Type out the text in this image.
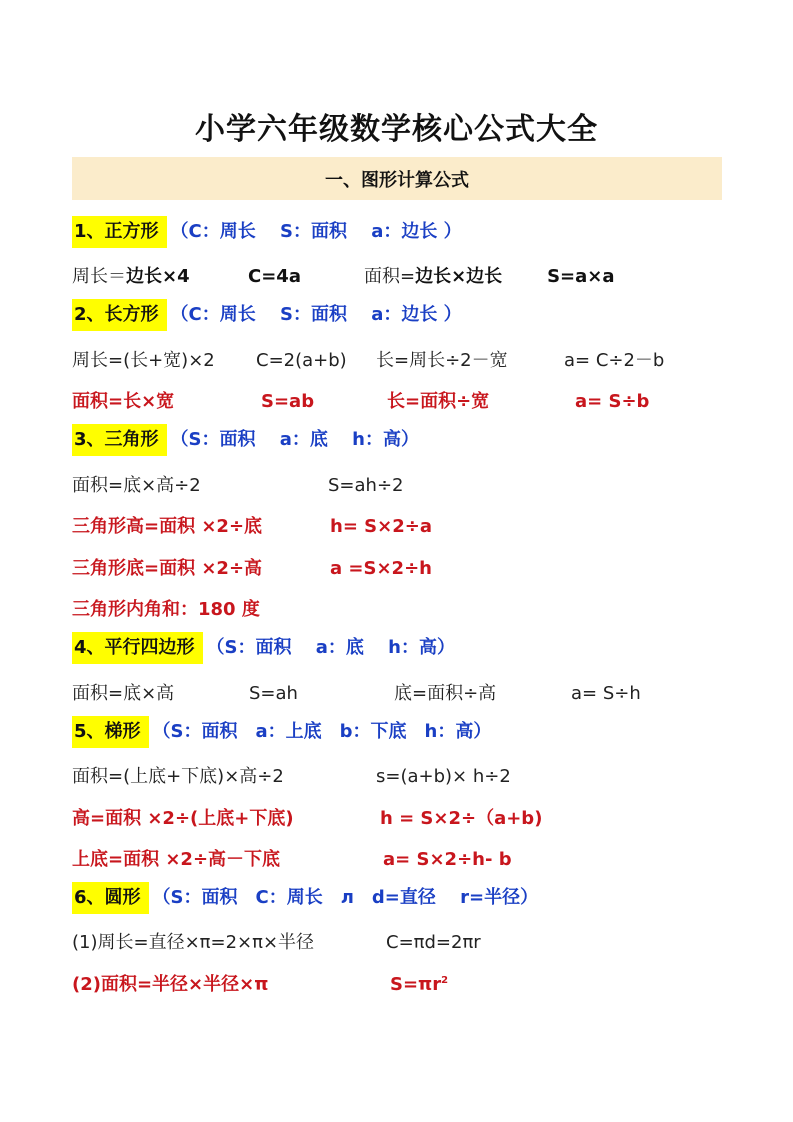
小学六年级数学核心公式大全
一、图形计算公式
1、正方形 （C：周长　 S：面积　 a：边长 ）
周长＝边长×4	C=4a	面积=边长×边长 S=a×a
2、长方形 （C：周长　 S：面积　 a：边长 ）
周长=(长+宽)×2 C=2(a+b) 长=周长÷2－宽	a= C÷2－b
面积=长×宽	S=ab	长=面积÷宽	a= S÷b
3、三角形 （S：面积　 a：底　 h：高）
面积=底×高÷2	S=ah÷2
三角形高=面积 ×2÷底	h= S×2÷a
三角形底=面积 ×2÷高	a =S×2÷h
三角形内角和：180 度
4、平行四边形 （S：面积　 a：底　 h：高）
面积=底×高	S=ah	底=面积÷高	a= S÷h
5、梯形 （S：面积　a：上底　b：下底　h：高）
面积=(上底+下底)×高÷2	s=(a+b)× h÷2
高=面积 ×2÷(上底+下底)	h = S×2÷（a+b)
上底=面积 ×2÷高－下底	a= S×2÷h- b
6、圆形 （S：面积　C：周长　л　d=直径　 r=半径）
(1)周长=直径×π=2×π×半径	C=πd=2πr
(2)面积=半径×半径×π	$S=\pi r^2$
